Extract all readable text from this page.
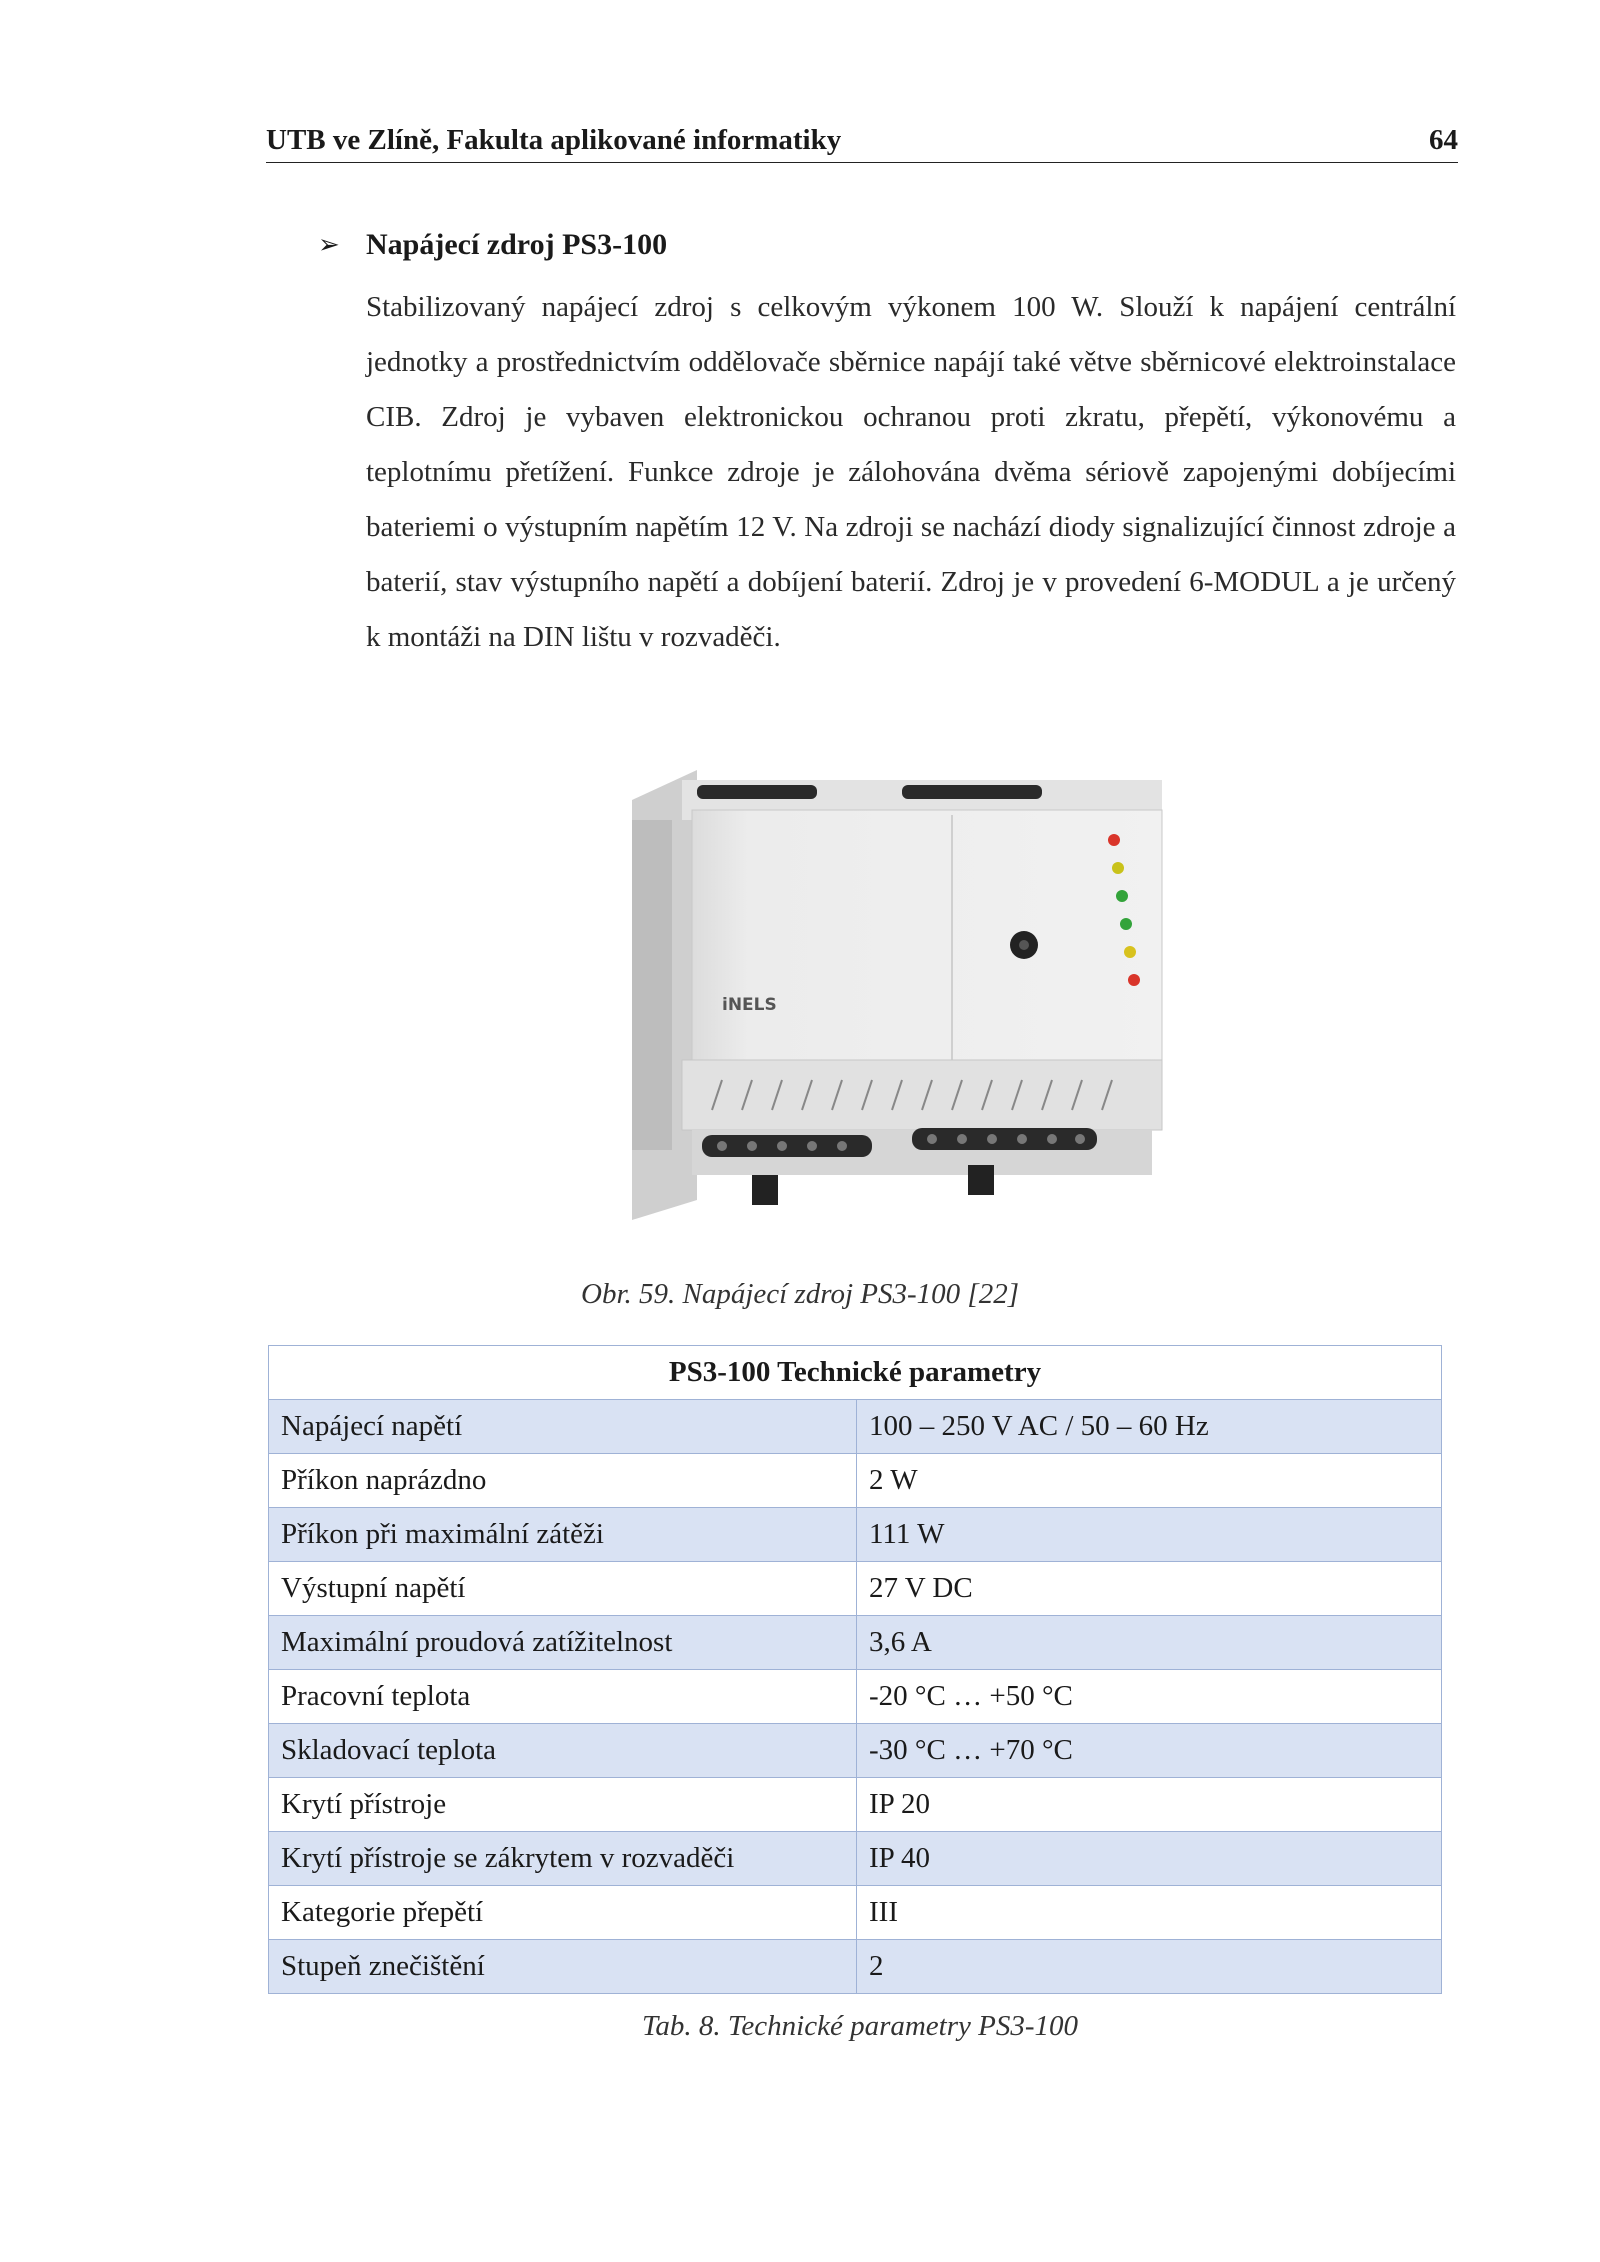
UTB ve Zlíně, Fakulta aplikované informatiky	64
➢ Napájecí zdroj PS3-100
Stabilizovaný napájecí zdroj s celkovým výkonem 100 W. Slouží k napájení centrální jednotky a prostřednictvím oddělovače sběrnice napájí také větve sběrnicové elektroinstalace CIB. Zdroj je vybaven elektronickou ochranou proti zkratu, přepětí, výkonovému a teplotnímu přetížení. Funkce zdroje je zálohována dvěma sériově zapojenými dobíjecími bateriemi o výstupním napětím 12 V. Na zdroji se nachází diody signalizující činnost zdroje a baterií, stav výstupního napětí a dobíjení baterií. Zdroj je v provedení 6-MODUL a je určený k montáži na DIN lištu v rozvaděči.
iNELS
Obr. 59. Napájecí zdroj PS3-100 [22]
PS3-100 Technické parametry	
Napájecí napětí	100 – 250 V AC / 50 – 60 Hz
Příkon naprázdno	2 W
Příkon při maximální zátěži	111 W
Výstupní napětí	27 V DC
Maximální proudová zatížitelnost	3,6 A
Pracovní teplota	-20 °C … +50 °C
Skladovací teplota	-30 °C … +70 °C
Krytí přístroje	IP 20
Krytí přístroje se zákrytem v rozvaděči	IP 40
Kategorie přepětí	III
Stupeň znečištění	2
Tab. 8. Technické parametry PS3-100
